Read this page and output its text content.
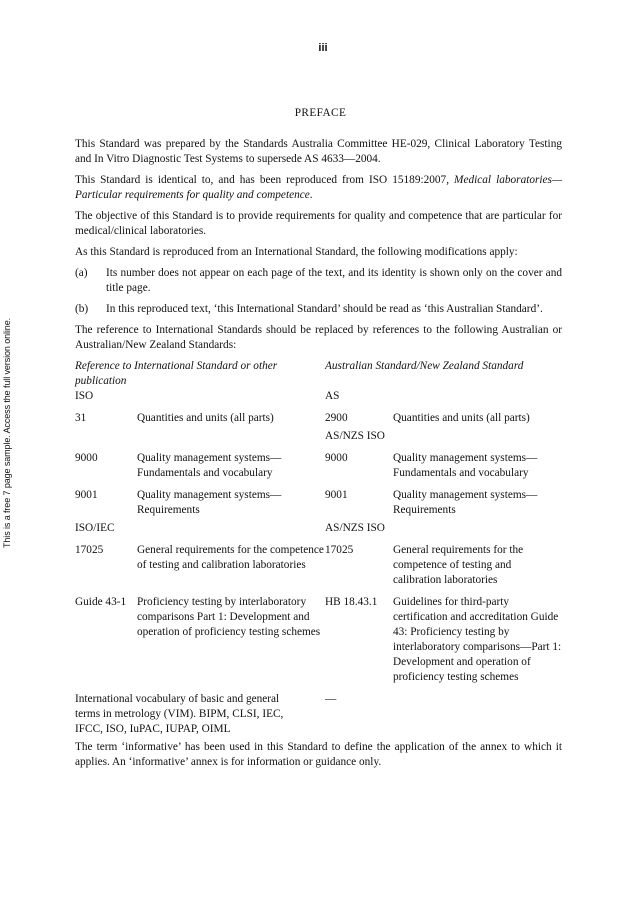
iii
This is a free 7 page sample. Access the full version online.
PREFACE

This Standard was prepared by the Standards Australia Committee HE-029, Clinical Laboratory Testing and In Vitro Diagnostic Test Systems to supersede AS 4633—2004.

This Standard is identical to, and has been reproduced from ISO 15189:2007, Medical laboratories—Particular requirements for quality and competence.

The objective of this Standard is to provide requirements for quality and competence that are particular for medical/clinical laboratories.

As this Standard is reproduced from an International Standard, the following modifications apply:

(a)	Its number does not appear on each page of the text, and its identity is shown only on the cover and title page.
(b)	In this reproduced text, ‘this International Standard’ should be read as ‘this Australian Standard’.

The reference to International Standards should be replaced by references to the following Australian or Australian/New Zealand Standards:

Reference to International Standard or other publication		Australian Standard/New Zealand Standard	
ISO		AS	
31	Quantities and units (all parts)	2900	Quantities and units (all parts)
		AS/NZS ISO	
9000	Quality management systems—Fundamentals and vocabulary	9000	Quality management systems—Fundamentals and vocabulary
9001	Quality management systems—Requirements	9001	Quality management systems—Requirements
ISO/IEC		AS/NZS ISO	
17025	General requirements for the competence of testing and calibration laboratories	17025	General requirements for the competence of testing and calibration laboratories
Guide 43-1	Proficiency testing by interlaboratory comparisons Part 1: Development and operation of proficiency testing schemes	HB 18.43.1	Guidelines for third-party certification and accreditation Guide 43: Proficiency testing by interlaboratory comparisons—Part 1: Development and operation of proficiency testing schemes
International vocabulary of basic and general terms in metrology (VIM). BIPM, CLSI, IEC, IFCC, ISO, IuPAC, IUPAP, OIML		—	

The term ‘informative’ has been used in this Standard to define the application of the annex to which it applies. An ‘informative’ annex is for information or guidance only.
